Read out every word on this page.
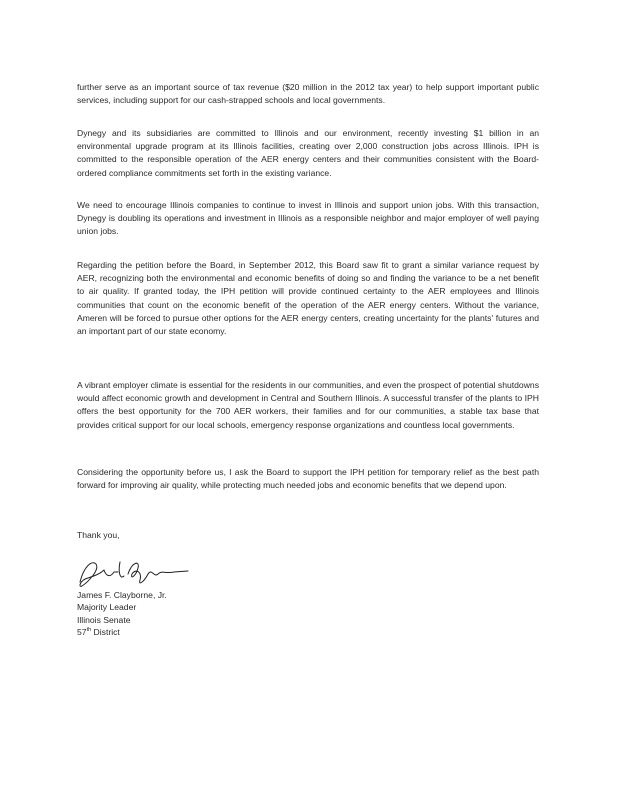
further serve as an important source of tax revenue ($20 million in the 2012 tax year) to help support important public services, including support for our cash-strapped schools and local governments.

Dynegy and its subsidiaries are committed to Illinois and our environment, recently investing $1 billion in an environmental upgrade program at its Illinois facilities, creating over 2,000 construction jobs across Illinois. IPH is committed to the responsible operation of the AER energy centers and their communities consistent with the Board-ordered compliance commitments set forth in the existing variance.

We need to encourage Illinois companies to continue to invest in Illinois and support union jobs. With this transaction, Dynegy is doubling its operations and investment in Illinois as a responsible neighbor and major employer of well paying union jobs.

Regarding the petition before the Board, in September 2012, this Board saw fit to grant a similar variance request by AER, recognizing both the environmental and economic benefits of doing so and finding the variance to be a net benefit to air quality. If granted today, the IPH petition will provide continued certainty to the AER employees and Illinois communities that count on the economic benefit of the operation of the AER energy centers. Without the variance, Ameren will be forced to pursue other options for the AER energy centers, creating uncertainty for the plants' futures and an important part of our state economy.

A vibrant employer climate is essential for the residents in our communities, and even the prospect of potential shutdowns would affect economic growth and development in Central and Southern Illinois. A successful transfer of the plants to IPH offers the best opportunity for the 700 AER workers, their families and for our communities, a stable tax base that provides critical support for our local schools, emergency response organizations and countless local governments.

Considering the opportunity before us, I ask the Board to support the IPH petition for temporary relief as the best path forward for improving air quality, while protecting much needed jobs and economic benefits that we depend upon.

Thank you,
James F. Clayborne, Jr.
Majority Leader
Illinois Senate
57th District
